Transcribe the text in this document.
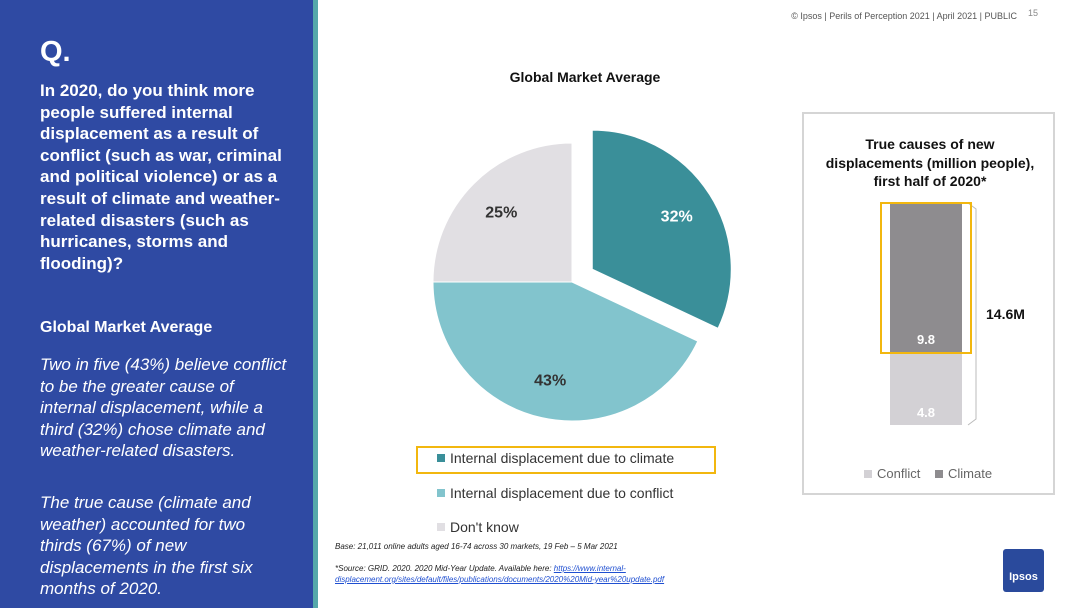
Q.
In 2020, do you think more people suffered internal displacement as a result of conflict (such as war, criminal and political violence) or as a result of climate and weather-related disasters (such as hurricanes, storms and flooding)?
Global Market Average
Two in five (43%) believe conflict to be the greater cause of internal displacement, while a third (32%) chose climate and weather-related disasters.
The true cause (climate and weather) accounted for two thirds (67%) of new displacements in the first six months of 2020.
© Ipsos | Perils of Perception 2021 | April 2021 | PUBLIC 15
Global Market Average
32%
43%
25%
Internal displacement due to climate
Internal displacement due to conflict
Don't know
True causes of new displacements (million people), first half of 2020*
4.8
9.8
14.6M
Conflict Climate
Base: 21,011 online adults aged 16-74 across 30 markets, 19 Feb – 5 Mar 2021
*Source: GRID. 2020. 2020 Mid-Year Update. Available here: https://www.internal-displacement.org/sites/default/files/publications/documents/2020%20Mid-year%20update.pdf	Ipsos
